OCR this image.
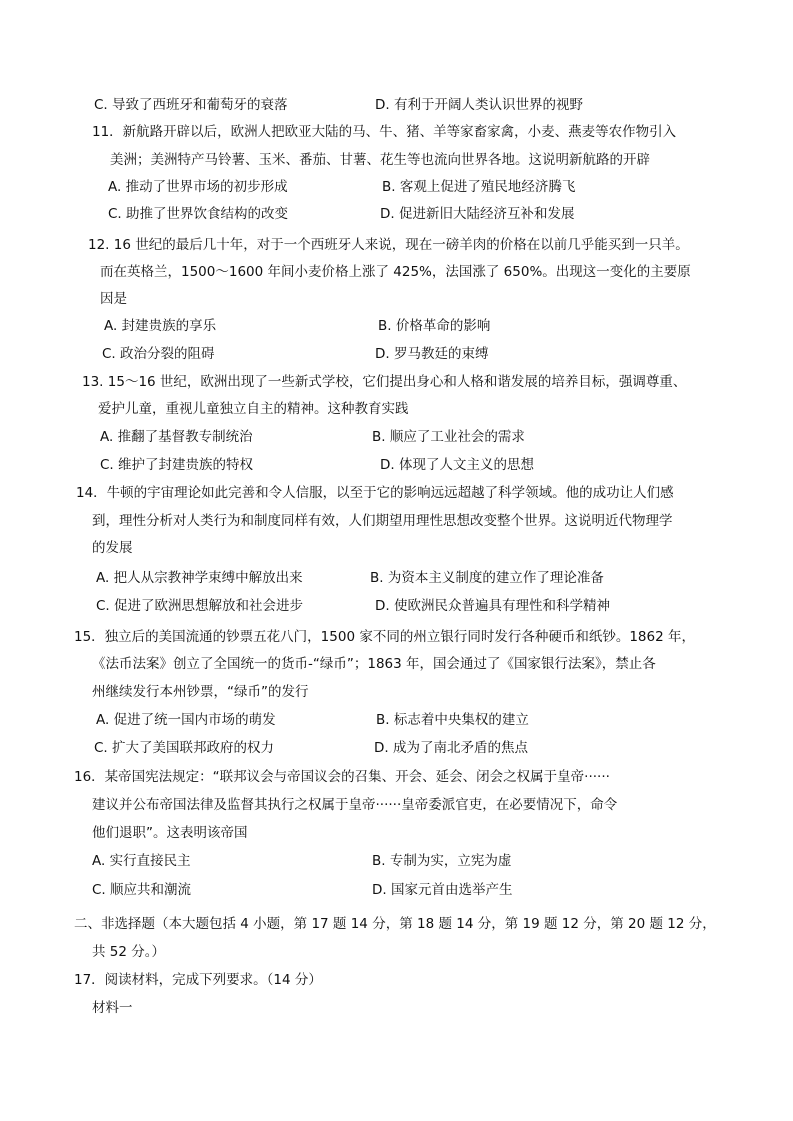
C. 导致了西班牙和葡萄牙的衰落	D. 有利于开阔人类认识世界的视野
11．新航路开辟以后，欧洲人把欧亚大陆的马、牛、猪、羊等家畜家禽，小麦、燕麦等农作物引入
美洲；美洲特产马铃薯、玉米、番茄、甘薯、花生等也流向世界各地。这说明新航路的开辟
A. 推动了世界市场的初步形成	B. 客观上促进了殖民地经济腾飞
C. 助推了世界饮食结构的改变	D. 促进新旧大陆经济互补和发展
12. 16 世纪的最后几十年，对于一个西班牙人来说，现在一磅羊肉的价格在以前几乎能买到一只羊。
而在英格兰，1500～1600 年间小麦价格上涨了 425%，法国涨了 650%。出现这一变化的主要原
因是
A. 封建贵族的享乐	B. 价格革命的影响
C. 政治分裂的阻碍	D. 罗马教廷的束缚
13. 15～16 世纪，欧洲出现了一些新式学校，它们提出身心和人格和谐发展的培养目标，强调尊重、
爱护儿童，重视儿童独立自主的精神。这种教育实践
A. 推翻了基督教专制统治	B. 顺应了工业社会的需求
C. 维护了封建贵族的特权	D. 体现了人文主义的思想
14．牛顿的宇宙理论如此完善和令人信服，以至于它的影响远远超越了科学领域。他的成功让人们感
到，理性分析对人类行为和制度同样有效，人们期望用理性思想改变整个世界。这说明近代物理学
的发展
A. 把人从宗教神学束缚中解放出来	B. 为资本主义制度的建立作了理论准备
C. 促进了欧洲思想解放和社会进步	D. 使欧洲民众普遍具有理性和科学精神
15．独立后的美国流通的钞票五花八门，1500 家不同的州立银行同时发行各种硬币和纸钞。1862 年，
《法币法案》创立了全国统一的货币-“绿币”；1863 年，国会通过了《国家银行法案》，禁止各
州继续发行本州钞票，“绿币”的发行
A. 促进了统一国内市场的萌发	B. 标志着中央集权的建立
C. 扩大了美国联邦政府的权力	D. 成为了南北矛盾的焦点
16．某帝国宪法规定：“联邦议会与帝国议会的召集、开会、延会、闭会之权属于皇帝······
建议并公布帝国法律及监督其执行之权属于皇帝······皇帝委派官吏，在必要情况下，命令
他们退职”。这表明该帝国
A. 实行直接民主	B. 专制为实，立宪为虚
C. 顺应共和潮流	D. 国家元首由选举产生
二、非选择题（本大题包括 4 小题，第 17 题 14 分，第 18 题 14 分，第 19 题 12 分，第 20 题 12 分，
共 52 分。）
17．阅读材料，完成下列要求。（14 分）
材料一
